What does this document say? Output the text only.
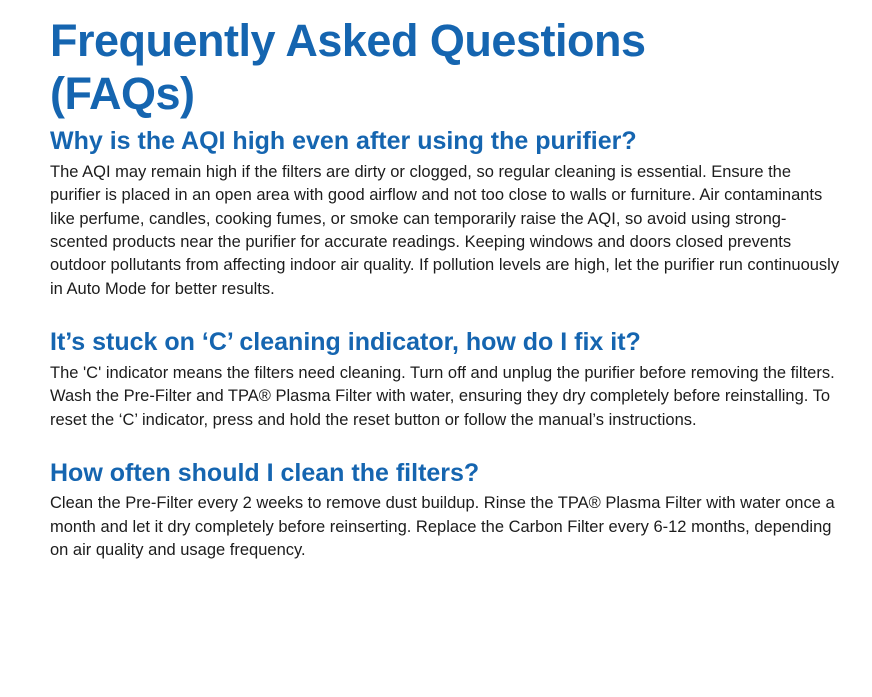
Frequently Asked Questions (FAQs)
Why is the AQI high even after using the purifier?

The AQI may remain high if the filters are dirty or clogged, so regular cleaning is essential. Ensure the purifier is placed in an open area with good airflow and not too close to walls or furniture. Air contaminants like perfume, candles, cooking fumes, or smoke can temporarily raise the AQI, so avoid using strong-scented products near the purifier for accurate readings. Keeping windows and doors closed prevents outdoor pollutants from affecting indoor air quality. If pollution levels are high, let the purifier run continuously in Auto Mode for better results.

It’s stuck on ‘C’ cleaning indicator, how do I fix it?

The 'C' indicator means the filters need cleaning. Turn off and unplug the purifier before removing the filters. Wash the Pre-Filter and TPA® Plasma Filter with water, ensuring they dry completely before reinstalling. To reset the ‘C’ indicator, press and hold the reset button or follow the manual’s instructions.

How often should I clean the filters?

Clean the Pre-Filter every 2 weeks to remove dust buildup. Rinse the TPA® Plasma Filter with water once a month and let it dry completely before reinserting. Replace the Carbon Filter every 6-12 months, depending on air quality and usage frequency.
